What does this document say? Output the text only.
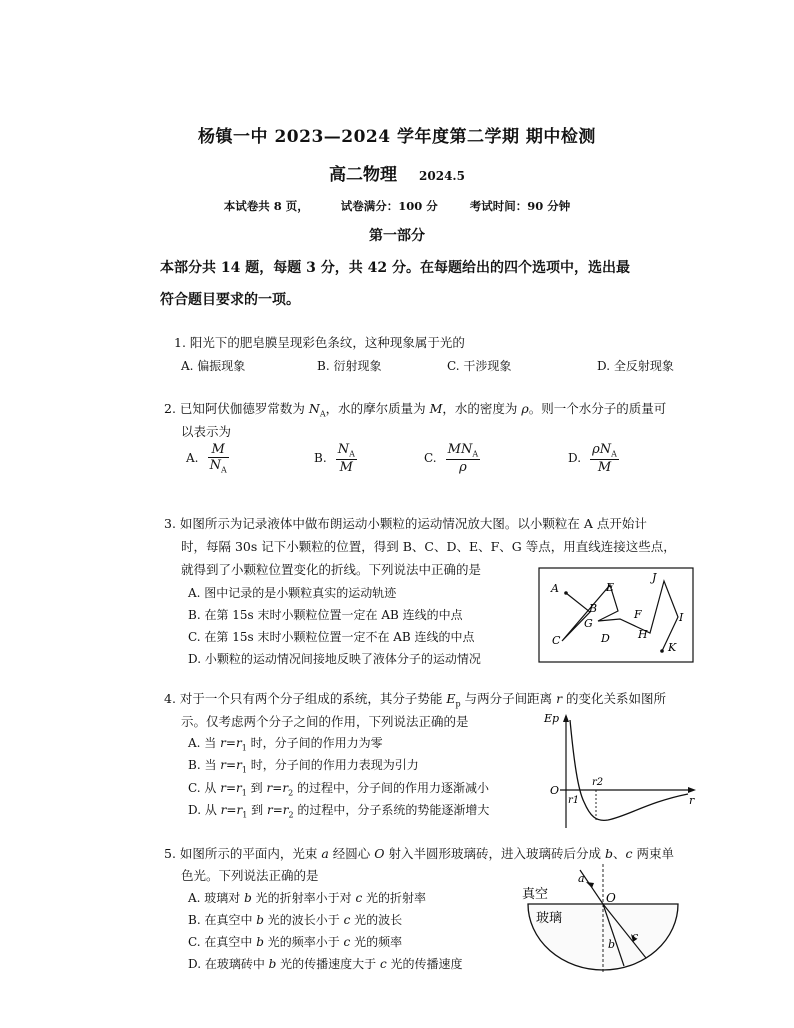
杨镇一中 2023—2024 学年度第二学期 期中检测
高二物理 2024.5
本试卷共 8 页，	试卷满分：100 分	考试时间：90 分钟
第一部分
本部分共 14 题，每题 3 分，共 42 分。在每题给出的四个选项中，选出最符合题目要求的一项。
1. 阳光下的肥皂膜呈现彩色条纹，这种现象属于光的
A. 偏振现象	B. 衍射现象	C. 干涉现象	D. 全反射现象
2. 已知阿伏伽德罗常数为 $N_A$，水的摩尔质量为 M，水的密度为 ρ。则一个水分子的质量可
以表示为
A. $\frac{M}{N_A}$	B. $\frac{N_A}{M}$	C. $\frac{MN_A}{\rho}$	D. $\frac{\rho N_A}{M}$
3. 如图所示为记录液体中做布朗运动小颗粒的运动情况放大图。以小颗粒在 A 点开始计
时，每隔 30s 记下小颗粒的位置，得到 B、C、D、E、F、G 等点，用直线连接这些点，
就得到了小颗粒位置变化的折线。下列说法中正确的是
A. 图中记录的是小颗粒真实的运动轨迹
B. 在第 15s 末时小颗粒位置一定在 AB 连线的中点
C. 在第 15s 末时小颗粒位置一定不在 AB 连线的中点
D. 小颗粒的运动情况间接地反映了液体分子的运动情况
A
B
C	D
E
F
G
H
I
J
K
4. 对于一个只有两个分子组成的系统，其分子势能 $E_p$ 与两分子间距离 r 的变化关系如图所
示。仅考虑两个分子之间的作用，下列说法正确的是
A. 当 $r=r_1$ 时，分子间的作用力为零
B. 当 $r=r_1$ 时，分子间的作用力表现为引力
C. 从 $r=r_1$ 到 $r=r_2$ 的过程中，分子间的作用力逐渐减小
D. 从 $r=r_1$ 到 $r=r_2$ 的过程中，分子系统的势能逐渐增大
Ep
r
O
r1
r2
5. 如图所示的平面内，光束 a 经圆心 O 射入半圆形玻璃砖，进入玻璃砖后分成 b、c 两束单
色光。下列说法正确的是
A. 玻璃对 b 光的折射率小于对 c 光的折射率
B. 在真空中 b 光的波长小于 c 光的波长
C. 在真空中 b 光的频率小于 c 光的频率
D. 在玻璃砖中 b 光的传播速度大于 c 光的传播速度
真空
玻璃
O
a
b
c
